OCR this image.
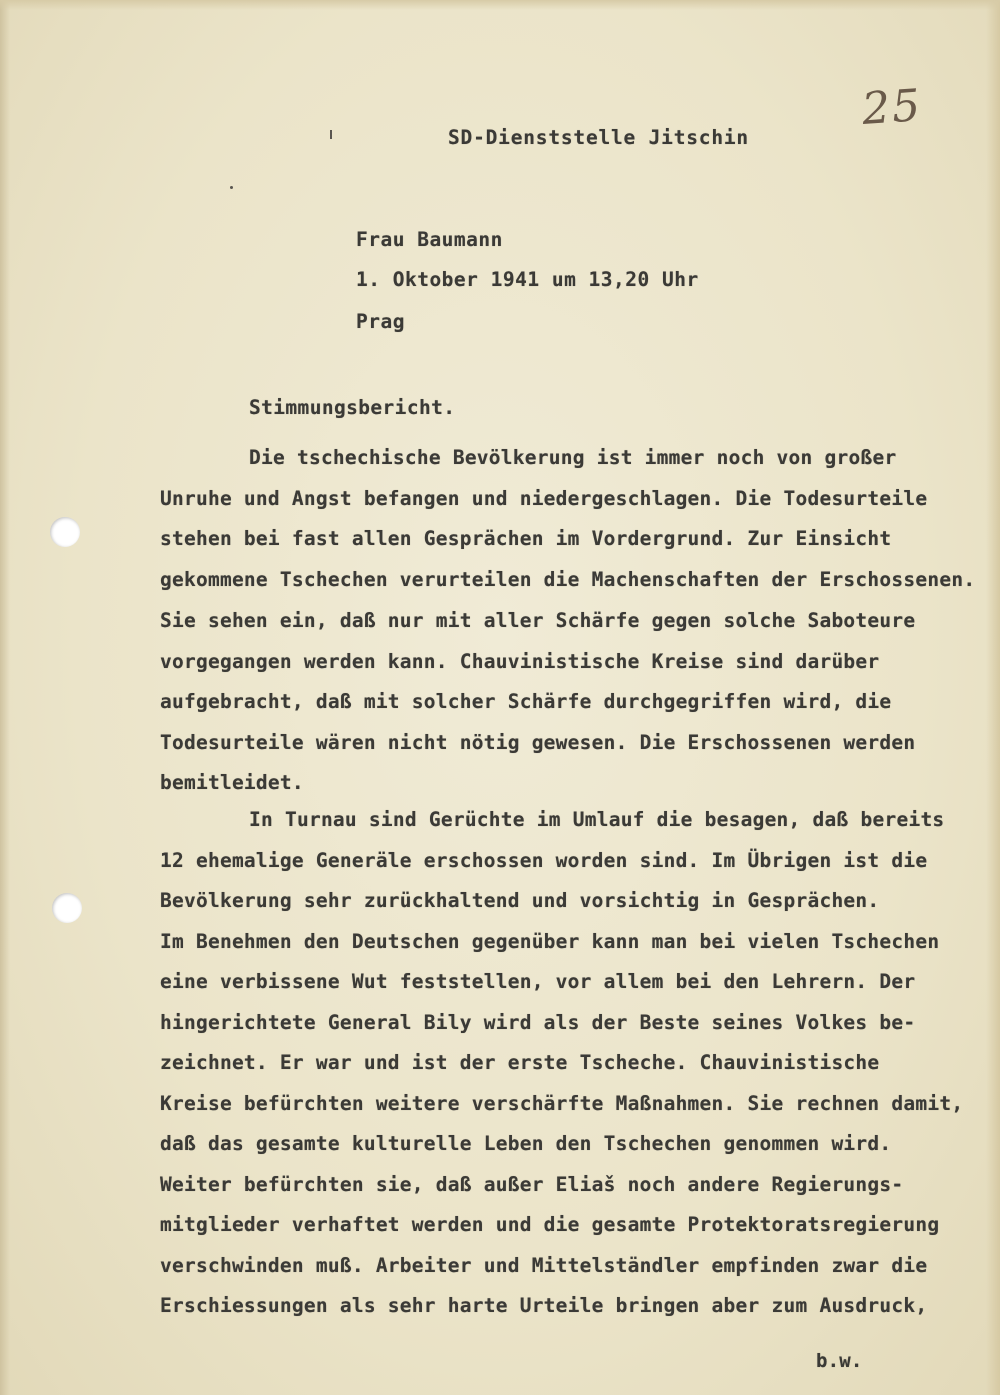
25
SD-Dienststelle Jitschin
Frau Baumann
1. Oktober 1941 um 13,20 Uhr
Prag
Stimmungsbericht.
Die tschechische Bevölkerung ist immer noch von großer
Unruhe und Angst befangen und niedergeschlagen. Die Todesurteile
stehen bei fast allen Gesprächen im Vordergrund. Zur Einsicht
gekommene Tschechen verurteilen die Machenschaften der Erschossenen.
Sie sehen ein, daß nur mit aller Schärfe gegen solche Saboteure
vorgegangen werden kann. Chauvinistische Kreise sind darüber
aufgebracht, daß mit solcher Schärfe durchgegriffen wird, die
Todesurteile wären nicht nötig gewesen. Die Erschossenen werden
bemitleidet.
In Turnau sind Gerüchte im Umlauf die besagen, daß bereits
12 ehemalige Generäle erschossen worden sind. Im Übrigen ist die
Bevölkerung sehr zurückhaltend und vorsichtig in Gesprächen.
Im Benehmen den Deutschen gegenüber kann man bei vielen Tschechen
eine verbissene Wut feststellen, vor allem bei den Lehrern. Der
hingerichtete General Bily wird als der Beste seines Volkes be-
zeichnet. Er war und ist der erste Tscheche. Chauvinistische
Kreise befürchten weitere verschärfte Maßnahmen. Sie rechnen damit,
daß das gesamte kulturelle Leben den Tschechen genommen wird.
Weiter befürchten sie, daß außer Eliaš noch andere Regierungs-
mitglieder verhaftet werden und die gesamte Protektoratsregierung
verschwinden muß. Arbeiter und Mittelständler empfinden zwar die
Erschiessungen als sehr harte Urteile bringen aber zum Ausdruck,
b.w.
